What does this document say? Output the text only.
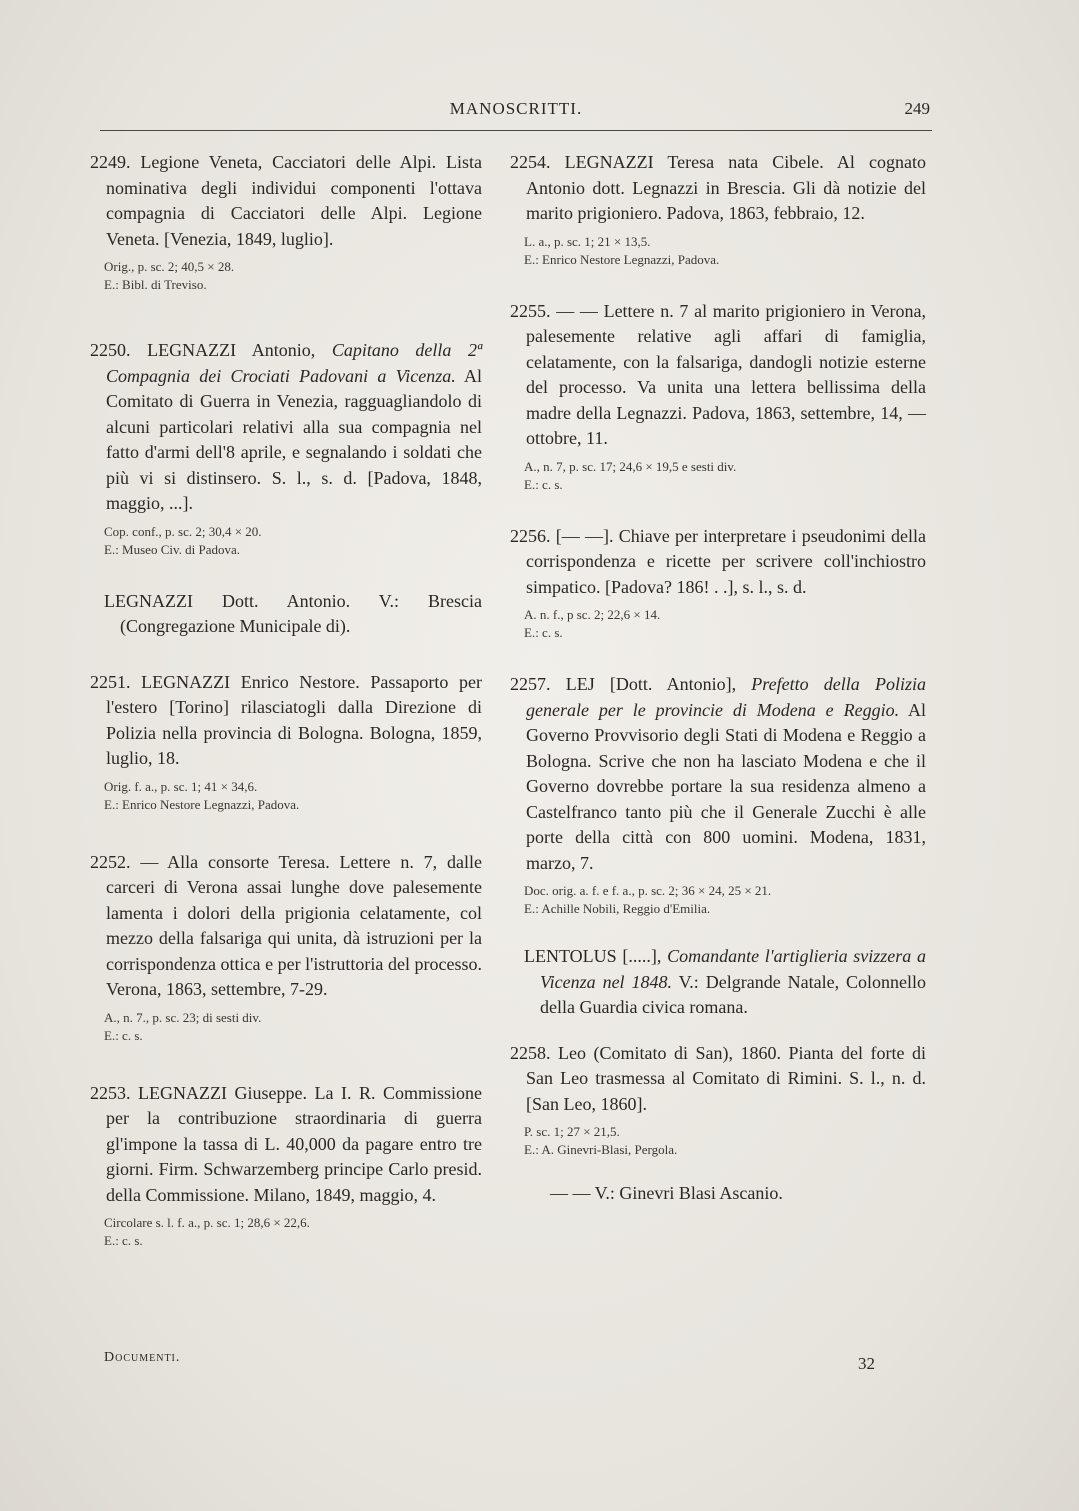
MANOSCRITTI.	249

2249. Legione Veneta, Cacciatori delle Alpi. Lista nominativa degli individui componenti l'ottava compagnia di Cacciatori delle Alpi. Legione Veneta. [Venezia, 1849, luglio].

Orig., p. sc. 2; 40,5 × 28.
E.: Bibl. di Treviso.

2250. LEGNAZZI Antonio, Capitano della 2ª Compagnia dei Crociati Padovani a Vicenza. Al Comitato di Guerra in Venezia, ragguagliandolo di alcuni particolari relativi alla sua compagnia nel fatto d'armi dell'8 aprile, e segnalando i soldati che più vi si distinsero. S. l., s. d. [Padova, 1848, maggio, ...].

Cop. conf., p. sc. 2; 30,4 × 20.
E.: Museo Civ. di Padova.

LEGNAZZI Dott. Antonio. V.: Brescia (Congregazione Municipale di).

2251. LEGNAZZI Enrico Nestore. Passaporto per l'estero [Torino] rilasciatogli dalla Direzione di Polizia nella provincia di Bologna. Bologna, 1859, luglio, 18.

Orig. f. a., p. sc. 1; 41 × 34,6.
E.: Enrico Nestore Legnazzi, Padova.

2252. — Alla consorte Teresa. Lettere n. 7, dalle carceri di Verona assai lunghe dove palesemente lamenta i dolori della prigionia celatamente, col mezzo della falsariga qui unita, dà istruzioni per la corrispondenza ottica e per l'istruttoria del processo. Verona, 1863, settembre, 7-29.

A., n. 7., p. sc. 23; di sesti div.
E.: c. s.

2253. LEGNAZZI Giuseppe. La I. R. Commissione per la contribuzione straordinaria di guerra gl'impone la tassa di L. 40,000 da pagare entro tre giorni. Firm. Schwarzemberg principe Carlo presid. della Commissione. Milano, 1849, maggio, 4.

Circolare s. l. f. a., p. sc. 1; 28,6 × 22,6.
E.: c. s.
Documenti.

2254. LEGNAZZI Teresa nata Cibele. Al cognato Antonio dott. Legnazzi in Brescia. Gli dà notizie del marito prigioniero. Padova, 1863, febbraio, 12.

L. a., p. sc. 1; 21 × 13,5.
E.: Enrico Nestore Legnazzi, Padova.

2255. — — Lettere n. 7 al marito prigioniero in Verona, palesemente relative agli affari di famiglia, celatamente, con la falsariga, dandogli notizie esterne del processo. Va unita una lettera bellissima della madre della Legnazzi. Padova, 1863, settembre, 14, — ottobre, 11.

A., n. 7, p. sc. 17; 24,6 × 19,5 e sesti div.
E.: c. s.

2256. [— —]. Chiave per interpretare i pseudonimi della corrispondenza e ricette per scrivere coll'inchiostro simpatico. [Padova? 186! . .], s. l., s. d.

A. n. f., p sc. 2; 22,6 × 14.
E.: c. s.

2257. LEJ [Dott. Antonio], Prefetto della Polizia generale per le provincie di Modena e Reggio. Al Governo Provvisorio degli Stati di Modena e Reggio a Bologna. Scrive che non ha lasciato Modena e che il Governo dovrebbe portare la sua residenza almeno a Castelfranco tanto più che il Generale Zucchi è alle porte della città con 800 uomini. Modena, 1831, marzo, 7.

Doc. orig. a. f. e f. a., p. sc. 2; 36 × 24, 25 × 21.
E.: Achille Nobili, Reggio d'Emilia.

LENTOLUS [.....], Comandante l'artiglieria svizzera a Vicenza nel 1848. V.: Delgrande Natale, Colonnello della Guardia civica romana.

2258. Leo (Comitato di San), 1860. Pianta del forte di San Leo trasmessa al Comitato di Rimini. S. l., n. d. [San Leo, 1860].

P. sc. 1; 27 × 21,5.
E.: A. Ginevri-Blasi, Pergola.

— — V.: Ginevri Blasi Ascanio.

32
